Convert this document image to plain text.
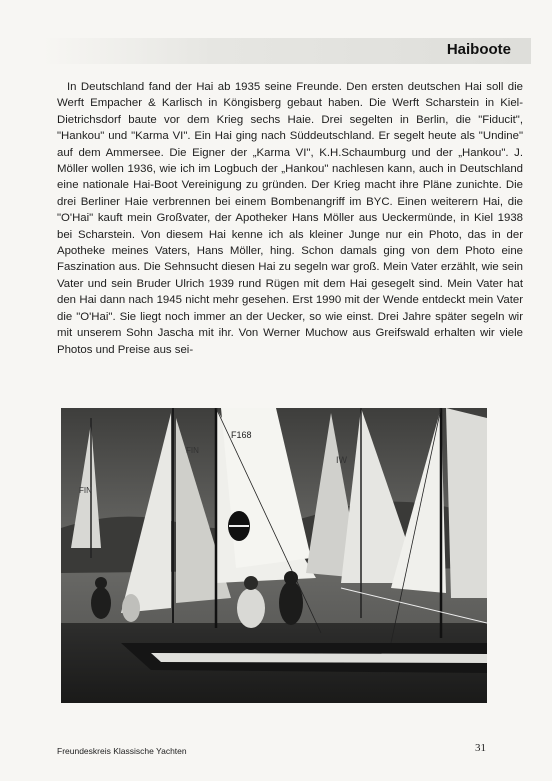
Haiboote

In Deutschland fand der Hai ab 1935 seine Freunde. Den ersten deutschen Hai soll die Werft Empacher & Karlisch in Köngisberg gebaut haben. Die Werft Scharstein in Kiel-Dietrichsdorf baute vor dem Krieg sechs Haie. Drei segelten in Berlin, die "Fiducit", "Hankou" und "Karma VI". Ein Hai ging nach Süddeutschland. Er segelt heute als "Undine" auf dem Ammersee. Die Eigner der „Karma VI", K.H.Schaumburg und der „Hankou". J. Möller wollen 1936, wie ich im Logbuch der „Hankou" nachlesen kann, auch in Deutschland eine nationale Hai-Boot Vereinigung zu gründen. Der Krieg macht ihre Pläne zunichte. Die drei Berliner Haie verbrennen bei einem Bombenangriff im BYC. Einen weiterern Hai, die "O'Hai" kauft mein Großvater, der Apotheker Hans Möller aus Ueckermünde, in Kiel 1938 bei Scharstein. Von diesem Hai kenne ich als kleiner Junge nur ein Photo, das in der Apotheke meines Vaters, Hans Möller, hing. Schon damals ging von dem Photo eine Faszination aus. Die Sehnsucht diesen Hai zu segeln war groß. Mein Vater erzählt, wie sein Vater und sein Bruder Ulrich 1939 rund Rügen mit dem Hai gesegelt sind. Mein Vater hat den Hai dann nach 1945 nicht mehr gesehen. Erst 1990 mit der Wende entdeckt mein Vater die "O'Hai". Sie liegt noch immer an der Uecker, so wie einst. Drei Jahre später segeln wir mit unserem Sohn Jascha mit ihr. Von Werner Muchow aus Greifswald erhalten wir viele Photos und Preise aus sei-

FIN
F168
FIN
IW
Freundeskreis Klassische Yachten	31
